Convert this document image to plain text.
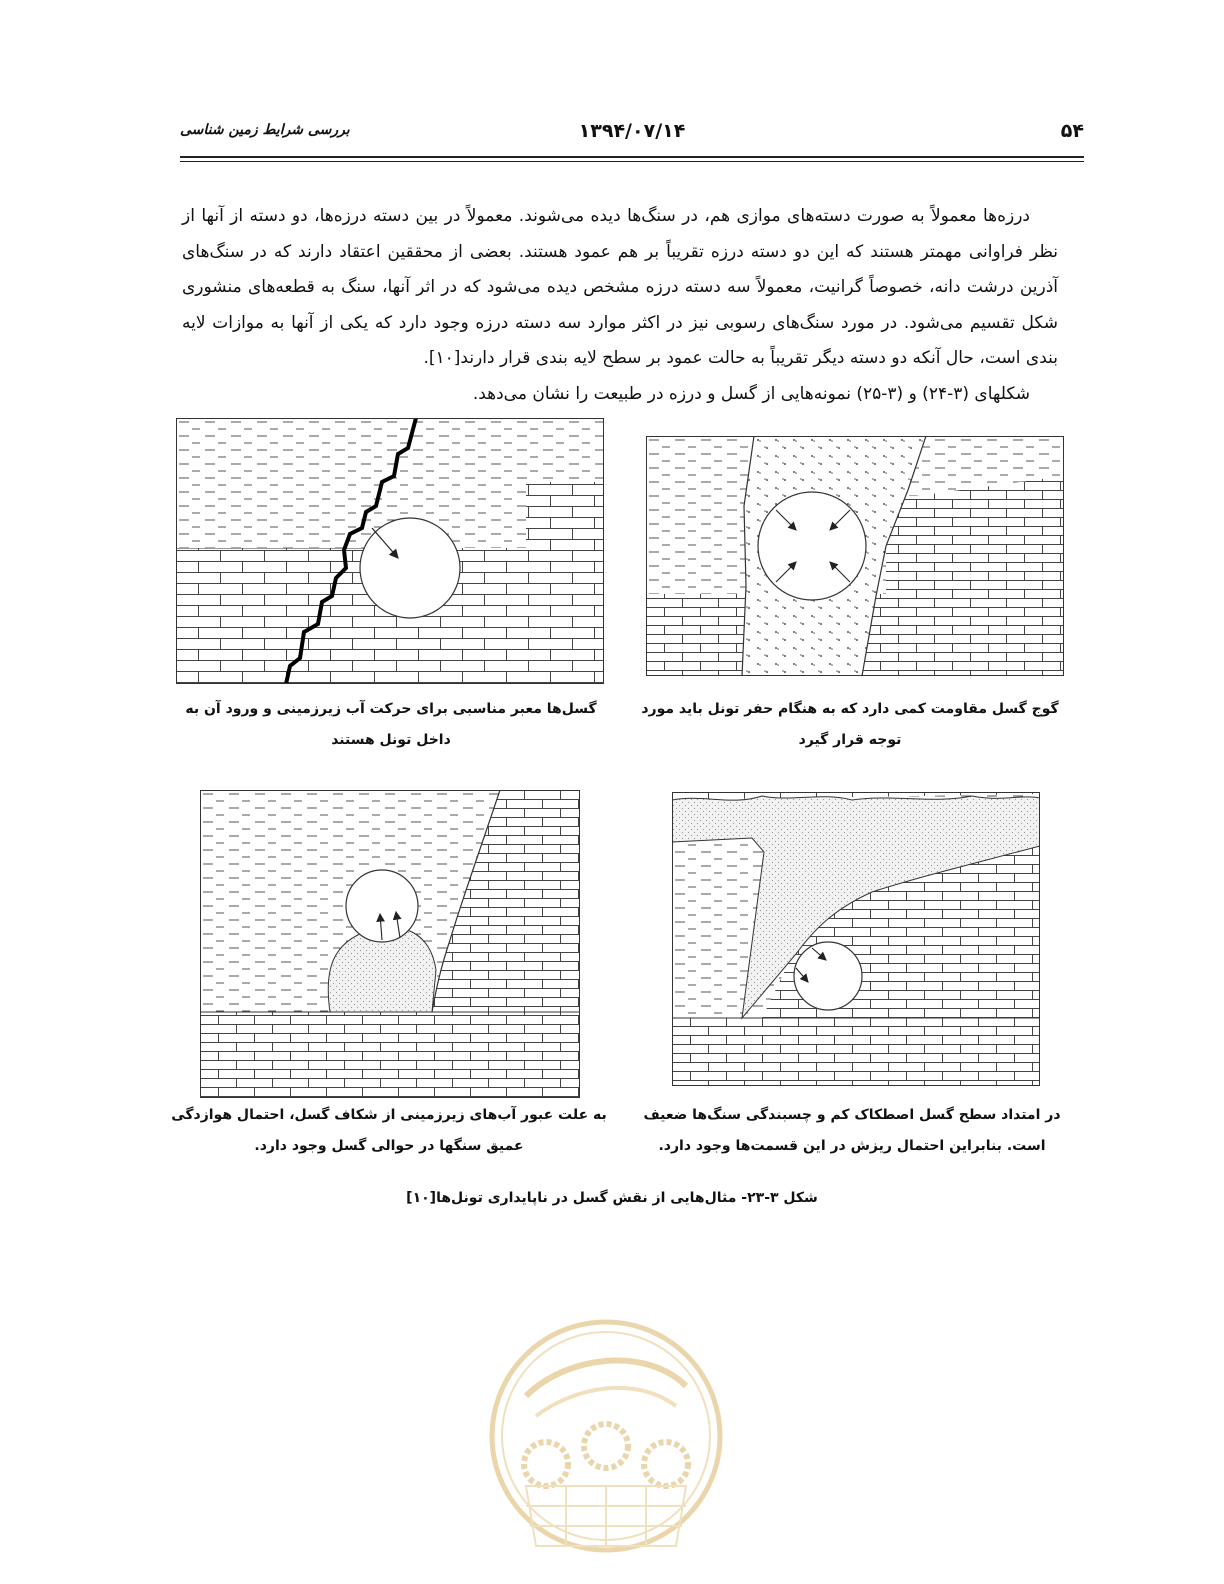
۵۴
۱۳۹۴/۰۷/۱۴
بررسی شرایط زمین شناسی

درزه‌ها معمولاً به صورت دسته‌های موازی هم، در سنگ‌ها دیده می‌شوند. معمولاً در بین دسته درزه‌ها، دو دسته از آنها از نظر فراوانی مهمتر هستند که این دو دسته درزه تقریباً بر هم عمود هستند. بعضی از محققین اعتقاد دارند که در سنگ‌های آذرین درشت دانه، خصوصاً گرانیت، معمولاً سه دسته درزه مشخص دیده می‌شود که در اثر آنها، سنگ به قطعه‌های منشوری شکل تقسیم می‌شود. در مورد سنگ‌های رسوبی نیز در اکثر موارد سه دسته درزه وجود دارد که یکی از آنها به موازات لایه بندی است، حال آنکه دو دسته دیگر تقریباً به حالت عمود بر سطح لایه بندی قرار دارند[۱۰].

شکلهای (۳-۲۴) و (۳-۲۵) نمونه‌هایی از گسل و درزه در طبیعت را نشان می‌دهد.

گسل‌ها معبر مناسبی برای حرکت آب زیرزمینی و ورود آن به داخل تونل هستند
گوج گسل مقاومت کمی دارد که به هنگام حفر تونل باید مورد توجه قرار گیرد
به علت عبور آب‌های زیرزمینی از شکاف گسل، احتمال هوازدگی عمیق سنگها در حوالی گسل وجود دارد.
در امتداد سطح گسل اصطکاک کم و چسبندگی سنگ‌ها ضعیف است. بنابراین احتمال ریزش در این قسمت‌ها وجود دارد.
شکل ۳-۲۳- مثال‌هایی از نقش گسل در ناپایداری تونل‌ها[۱۰]
